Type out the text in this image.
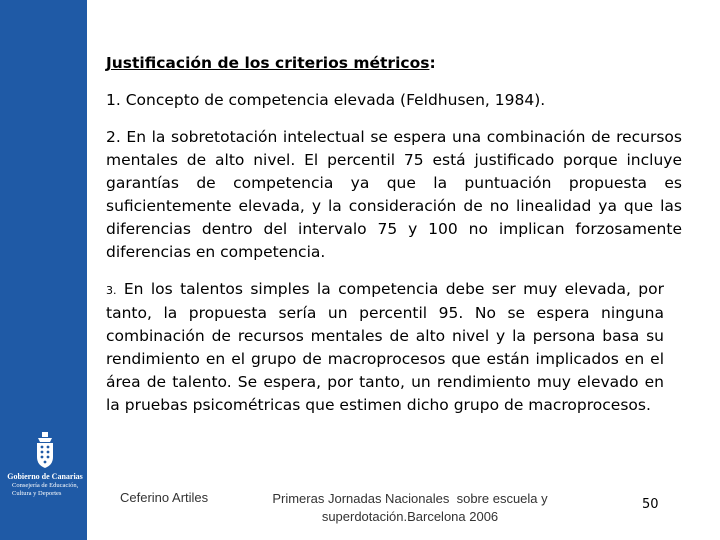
Gobierno de Canarias
Consejería de Educación,
Cultura y Deportes
Justificación de los criterios métricos:

1. Concepto de competencia elevada (Feldhusen, 1984).

2. En la sobretotación intelectual se espera una combinación de recursos mentales de alto nivel. El percentil 75 está justificado porque incluye garantías de competencia ya que la puntuación propuesta es suficientemente elevada, y la consideración de no linealidad ya que las diferencias dentro del intervalo 75 y 100 no implican forzosamente diferencias en competencia.

3. En los talentos simples la competencia debe ser muy elevada, por tanto, la propuesta sería un percentil 95. No se espera ninguna combinación de recursos mentales de alto nivel y la persona basa su rendimiento en el grupo de macroprocesos que están implicados en el área de talento. Se espera, por tanto, un rendimiento muy elevado en la pruebas psicométricas que estimen dicho grupo de macroprocesos.

Ceferino Artiles	Primeras Jornadas Nacionales  sobre escuela y
superdotación.Barcelona 2006
50
